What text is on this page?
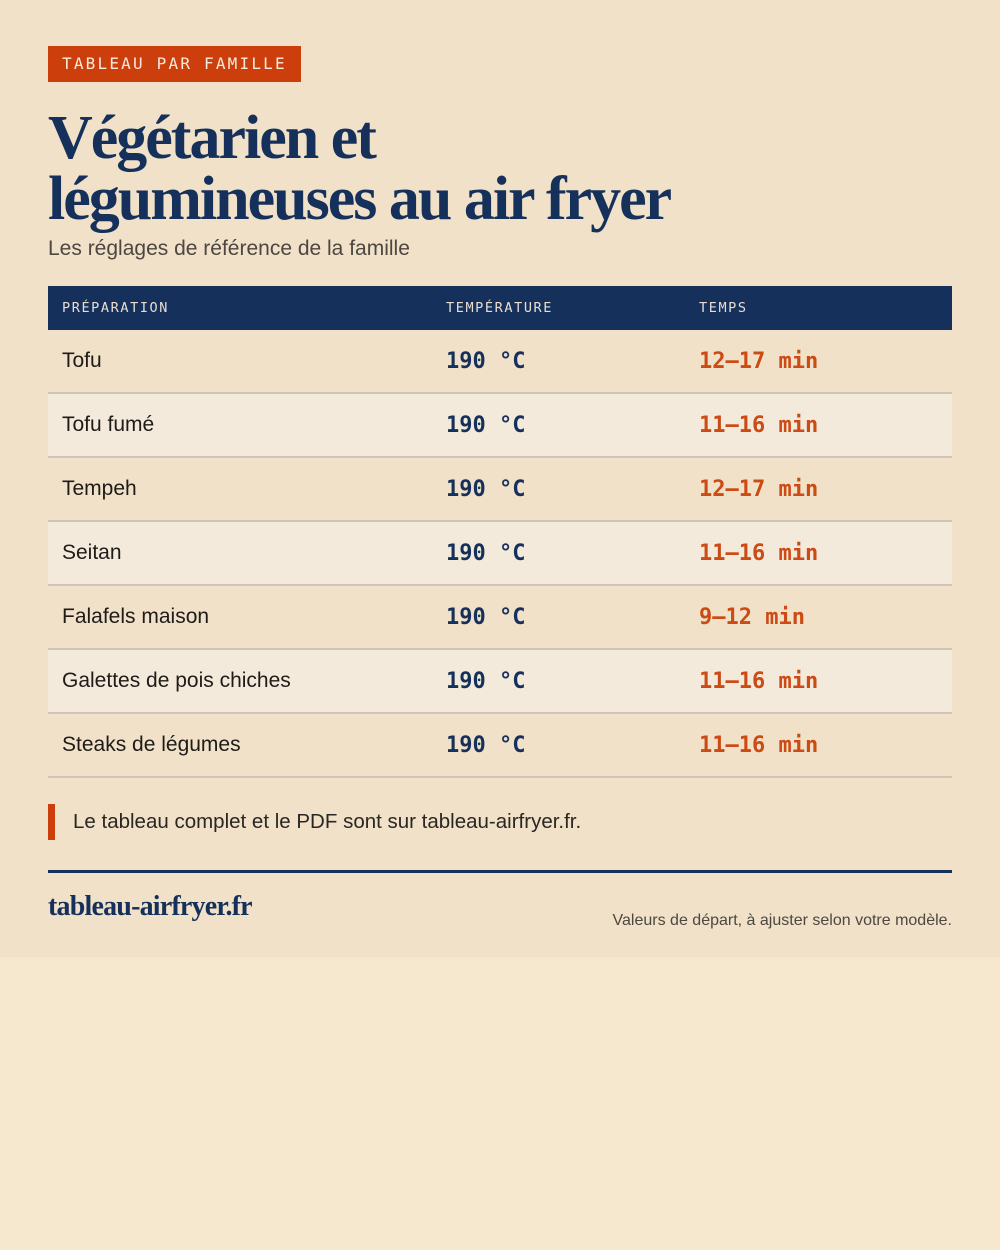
TABLEAU PAR FAMILLE
Végétarien et
légumineuses au air fryer
Les réglages de référence de la famille
PRÉPARATION	TEMPÉRATURE	TEMPS
Tofu	190 °C	12–17 min
Tofu fumé	190 °C	11–16 min
Tempeh	190 °C	12–17 min
Seitan	190 °C	11–16 min
Falafels maison	190 °C	9–12 min
Galettes de pois chiches	190 °C	11–16 min
Steaks de légumes	190 °C	11–16 min
Le tableau complet et le PDF sont sur tableau-airfryer.fr.
tableau-airfryer.fr	Valeurs de départ, à ajuster selon votre modèle.
